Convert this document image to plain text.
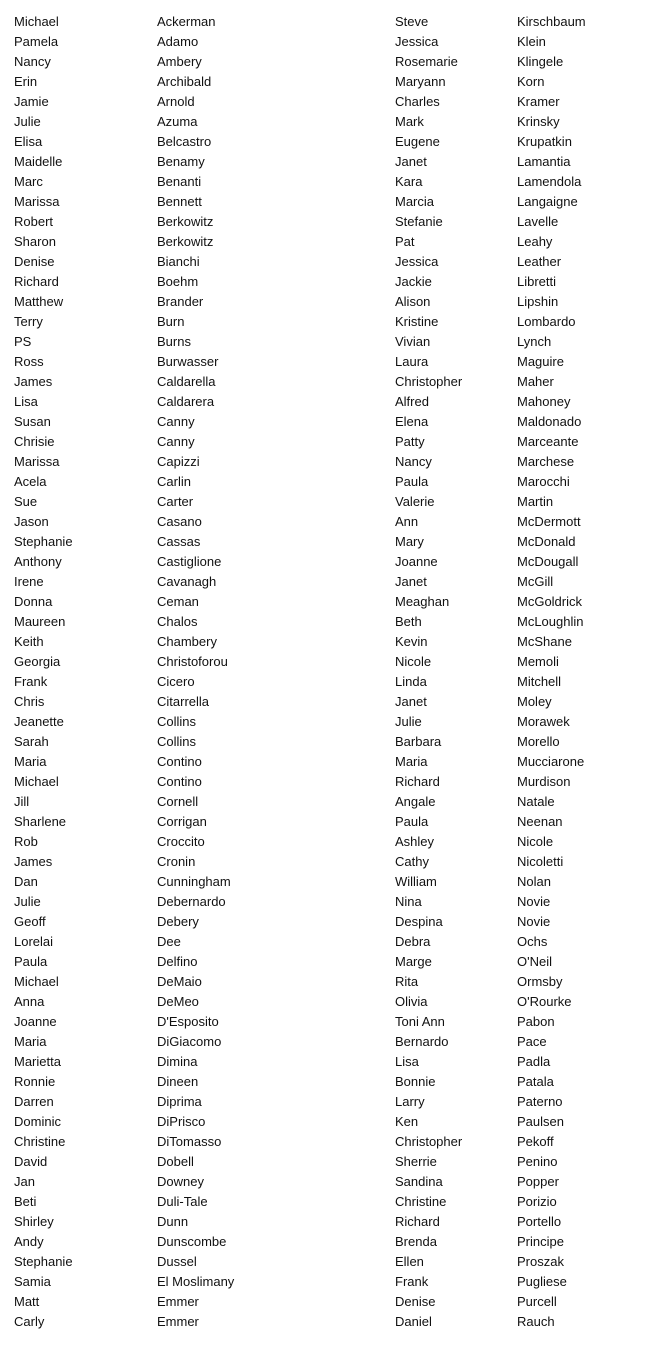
Michael	Ackerman	Steve	Kirschbaum
Pamela	Adamo	Jessica	Klein
Nancy	Ambery	Rosemarie	Klingele
Erin	Archibald	Maryann	Korn
Jamie	Arnold	Charles	Kramer
Julie	Azuma	Mark	Krinsky
Elisa	Belcastro	Eugene	Krupatkin
Maidelle	Benamy	Janet	Lamantia
Marc	Benanti	Kara	Lamendola
Marissa	Bennett	Marcia	Langaigne
Robert	Berkowitz	Stefanie	Lavelle
Sharon	Berkowitz	Pat	Leahy
Denise	Bianchi	Jessica	Leather
Richard	Boehm	Jackie	Libretti
Matthew	Brander	Alison	Lipshin
Terry	Burn	Kristine	Lombardo
PS	Burns	Vivian	Lynch
Ross	Burwasser	Laura	Maguire
James	Caldarella	Christopher	Maher
Lisa	Caldarera	Alfred	Mahoney
Susan	Canny	Elena	Maldonado
Chrisie	Canny	Patty	Marceante
Marissa	Capizzi	Nancy	Marchese
Acela	Carlin	Paula	Marocchi
Sue	Carter	Valerie	Martin
Jason	Casano	Ann	McDermott
Stephanie	Cassas	Mary	McDonald
Anthony	Castiglione	Joanne	McDougall
Irene	Cavanagh	Janet	McGill
Donna	Ceman	Meaghan	McGoldrick
Maureen	Chalos	Beth	McLoughlin
Keith	Chambery	Kevin	McShane
Georgia	Christoforou	Nicole	Memoli
Frank	Cicero	Linda	Mitchell
Chris	Citarrella	Janet	Moley
Jeanette	Collins	Julie	Morawek
Sarah	Collins	Barbara	Morello
Maria	Contino	Maria	Mucciarone
Michael	Contino	Richard	Murdison
Jill	Cornell	Angale	Natale
Sharlene	Corrigan	Paula	Neenan
Rob	Croccito	Ashley	Nicole
James	Cronin	Cathy	Nicoletti
Dan	Cunningham	William	Nolan
Julie	Debernardo	Nina	Novie
Geoff	Debery	Despina	Novie
Lorelai	Dee	Debra	Ochs
Paula	Delfino	Marge	O'Neil
Michael	DeMaio	Rita	Ormsby
Anna	DeMeo	Olivia	O'Rourke
Joanne	D'Esposito	Toni Ann	Pabon
Maria	DiGiacomo	Bernardo	Pace
Marietta	Dimina	Lisa	Padla
Ronnie	Dineen	Bonnie	Patala
Darren	Diprima	Larry	Paterno
Dominic	DiPrisco	Ken	Paulsen
Christine	DiTomasso	Christopher	Pekoff
David	Dobell	Sherrie	Penino
Jan	Downey	Sandina	Popper
Beti	Duli-Tale	Christine	Porizio
Shirley	Dunn	Richard	Portello
Andy	Dunscombe	Brenda	Principe
Stephanie	Dussel	Ellen	Proszak
Samia	El Moslimany	Frank	Pugliese
Matt	Emmer	Denise	Purcell
Carly	Emmer	Daniel	Rauch
